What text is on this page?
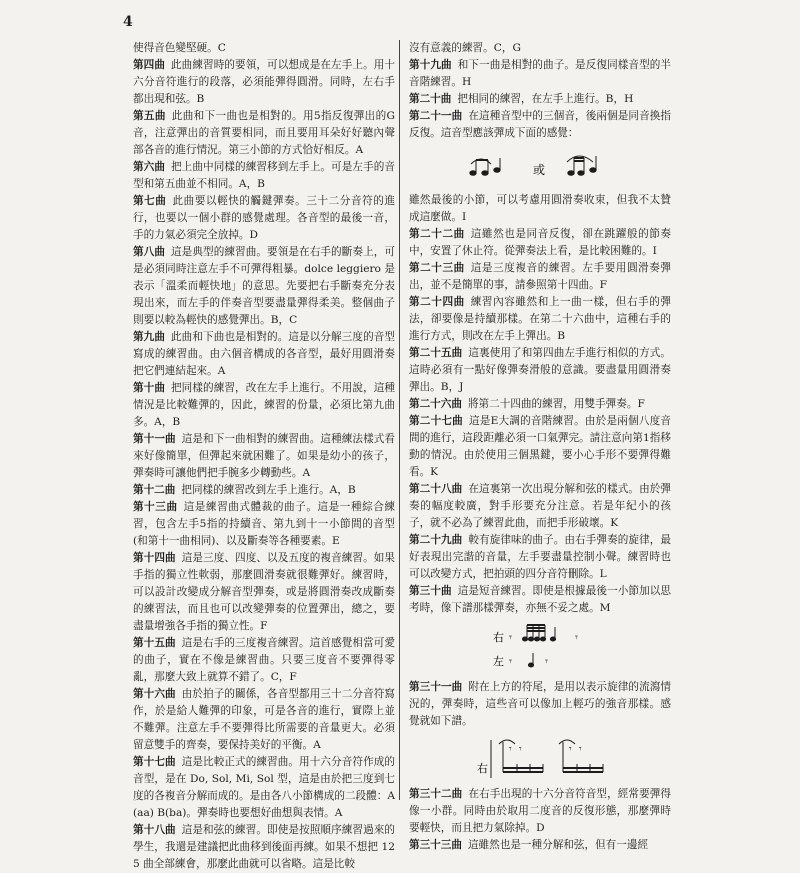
4

使得音色變堅硬。C

第四曲 此曲練習時的要領，可以想成是在左手上。用十六分音符進行的段落，必須能彈得圓滑。同時，左右手都出現和弦。B

第五曲 此曲和下一曲也是相對的。用5指反復彈出的G音，注意彈出的音質要相同，而且要用耳朵好好聽內聲部各音的進行情況。第三小節的方式恰好相反。A

第六曲 把上曲中同樣的練習移到左手上。可是左手的音型和第五曲並不相同。A，B

第七曲 此曲要以輕快的觸鍵彈奏。三十二分音符的進行，也要以一個小群的感覺處理。各音型的最後一音，手的力氣必須完全放掉。D

第八曲 這是典型的練習曲。要領是在右手的斷奏上，可是必須同時注意左手不可彈得粗暴。dolce leggiero 是表示「溫柔而輕快地」的意思。先要把右手斷奏充分表現出來，而左手的伴奏音型要盡量彈得柔美。整個曲子則要以較為輕快的感覺彈出。B，C

第九曲 此曲和下曲也是相對的。這是以分解三度的音型寫成的練習曲。由六個音構成的各音型，最好用圓滑奏把它們連結起來。A

第十曲 把同樣的練習，改在左手上進行。不用說，這種情況是比較難彈的，因此，練習的份量，必須比第九曲多。A，B

第十一曲 這是和下一曲相對的練習曲。這種練法樣式看來好像簡單，但彈起來就困難了。如果是幼小的孩子，彈奏時可讓他們把手腕多少轉動些。A

第十二曲 把同樣的練習改到左手上進行。A，B

第十三曲 這是練習曲式體裁的曲子。這是一種綜合練習，包含左手5指的持續音、第九到十一小節間的音型(和第十一曲相同)、以及斷奏等各種要素。E

第十四曲 這是三度、四度、以及五度的複音練習。如果手指的獨立性軟弱，那麼圓滑奏就很難彈好。練習時，可以設計改變成分解音型彈奏，或是將圓滑奏改成斷奏的練習法，而且也可以改變彈奏的位置彈出，總之，要盡量增強各手指的獨立性。F

第十五曲 這是右手的三度複音練習。這首感覺相當可愛的曲子，實在不像是練習曲。只要三度音不要彈得零亂，那麼大致上就算不錯了。C，F

第十六曲 由於拍子的關係，各音型都用三十二分音符寫作，於是給人難彈的印象，可是各音的進行，實際上並不難彈。注意左手不要彈得比所需要的音量更大。必須留意雙手的齊奏，要保持美好的平衡。A

第十七曲 這是比較正式的練習曲。用十六分音符作成的音型，是在 Do, Sol, Mi, Sol 型，這是由於把三度到七度的各複音分解而成的。是由各八小節構成的二段體：A(aa) B(ba)。彈奏時也要想好曲想與表情。A

第十八曲 這是和弦的練習。即使是按照順序練習過來的學生，我還是建議把此曲移到後面再練。如果不想把 125 曲全部練會，那麼此曲就可以省略。這是比較

沒有意義的練習。C，G

第十九曲 和下一曲是相對的曲子。是反復同樣音型的半音階練習。H

第二十曲 把相同的練習，在左手上進行。B，H

第二十一曲 在這種音型中的三個音，後兩個是同音換指反復。這音型應該彈成下面的感覺：

或

雖然最後的小節，可以考慮用圓滑奏收束，但我不太贊成這麼做。I

第二十二曲 這雖然也是同音反復，卻在跳躍般的節奏中，安置了休止符。從彈奏法上看，是比較困難的。I

第二十三曲 這是三度複音的練習。左手要用圓滑奏彈出，並不是簡單的事，請參照第十四曲。F

第二十四曲 練習內容雖然和上一曲一樣，但右手的彈法，卻要像是持續那樣。在第二十六曲中，這種右手的進行方式，則改在左手上彈出。B

第二十五曲 這裏使用了和第四曲左手進行相似的方式。這時必須有一點好像彈奏滑般的意識。要盡量用圓滑奏彈出。B，J

第二十六曲 將第二十四曲的練習，用雙手彈奏。F

第二十七曲 這是E大調的音階練習。由於是兩個八度音間的進行，這段距離必須一口氣彈完。請注意向第1指移動的情況。由於使用三個黑鍵，要小心手形不要彈得難看。K

第二十八曲 在這裏第一次出現分解和弦的樣式。由於彈奏的幅度較廣，對手形要充分注意。若是年紀小的孩子，就不必為了練習此曲，而把手形破壞。K

第二十九曲 較有旋律味的曲子。由右手彈奏的旋律，最好表現出完諧的音量，左手要盡量控制小聲。練習時也可以改變方式，把拍頭的四分音符刪除。L

第三十曲 這是短音練習。即使是根據最後一小節加以思考時，像下譜那樣彈奏，亦無不妥之處。M

右
左
𝄾	𝄾
𝄾	𝄾

第三十一曲 附在上方的符尾，是用以表示旋律的流瀉情況的，彈奏時，這些音可以像加上輕巧的強音那樣。感覺就如下譜。

右
𝄾 𝄾	𝄾 𝄾

第三十二曲 在右手出現的十六分音符音型，經常要彈得像一小群。同時由於取用二度音的反復形態，那麼彈時要輕快，而且把力氣除掉。D

第三十三曲 這雖然也是一種分解和弦，但有一邊經
